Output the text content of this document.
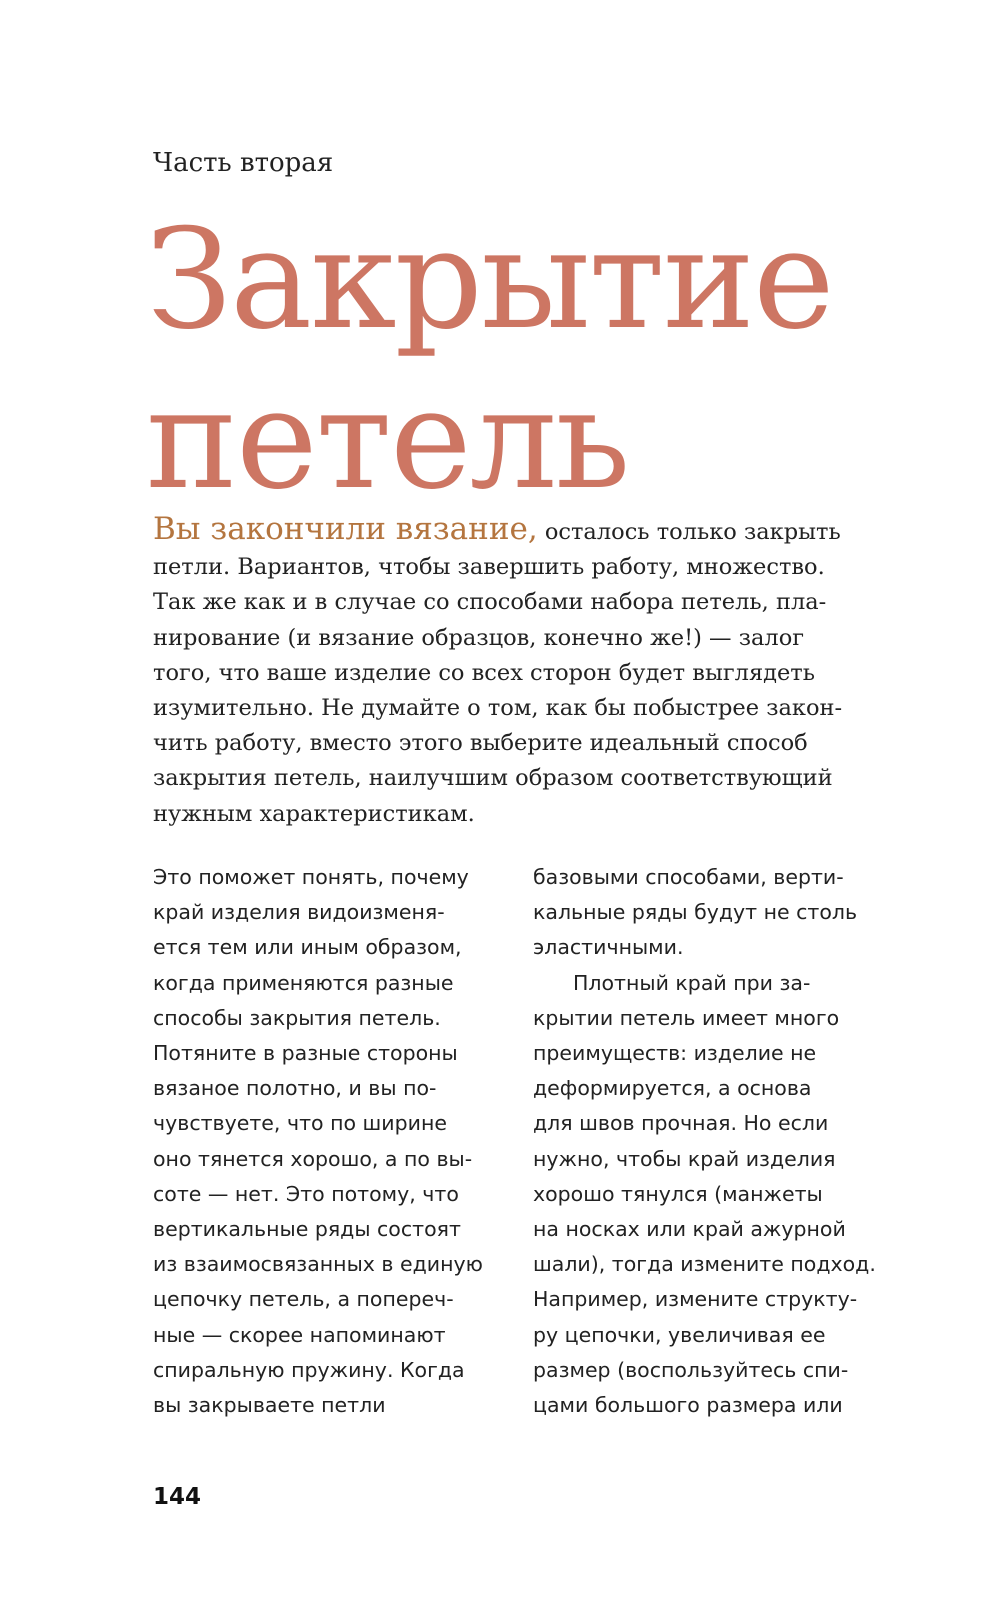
Часть вторая
Закрытие
петель

Вы закончили вязание, осталось только закрыть
петли. Вариантов, чтобы завершить работу, множество.
Так же как и в случае со способами набора петель, пла-
нирование (и вязание образцов, конечно же!) — залог
того, что ваше изделие со всех сторон будет выглядеть
изумительно. Не думайте о том, как бы побыстрее закон-
чить работу, вместо этого выберите идеальный способ
закрытия петель, наилучшим образом соответствующий
нужным характеристикам.

Это поможет понять, почему
край изделия видоизменя-
ется тем или иным образом,
когда применяются разные
способы закрытия петель.
Потяните в разные стороны
вязаное полотно, и вы по-
чувствуете, что по ширине
оно тянется хорошо, а по вы-
соте — нет. Это потому, что
вертикальные ряды состоят
из взаимосвязанных в единую
цепочку петель, а попереч-
ные — скорее напоминают
спиральную пружину. Когда
вы закрываете петли
базовыми способами, верти-
кальные ряды будут не столь
эластичными.
Плотный край при за-
крытии петель имеет много
преимуществ: изделие не
деформируется, а основа
для швов прочная. Но если
нужно, чтобы край изделия
хорошо тянулся (манжеты
на носках или край ажурной
шали), тогда измените подход.
Например, измените структу-
ру цепочки, увеличивая ее
размер (воспользуйтесь спи-
цами большого размера или
144
